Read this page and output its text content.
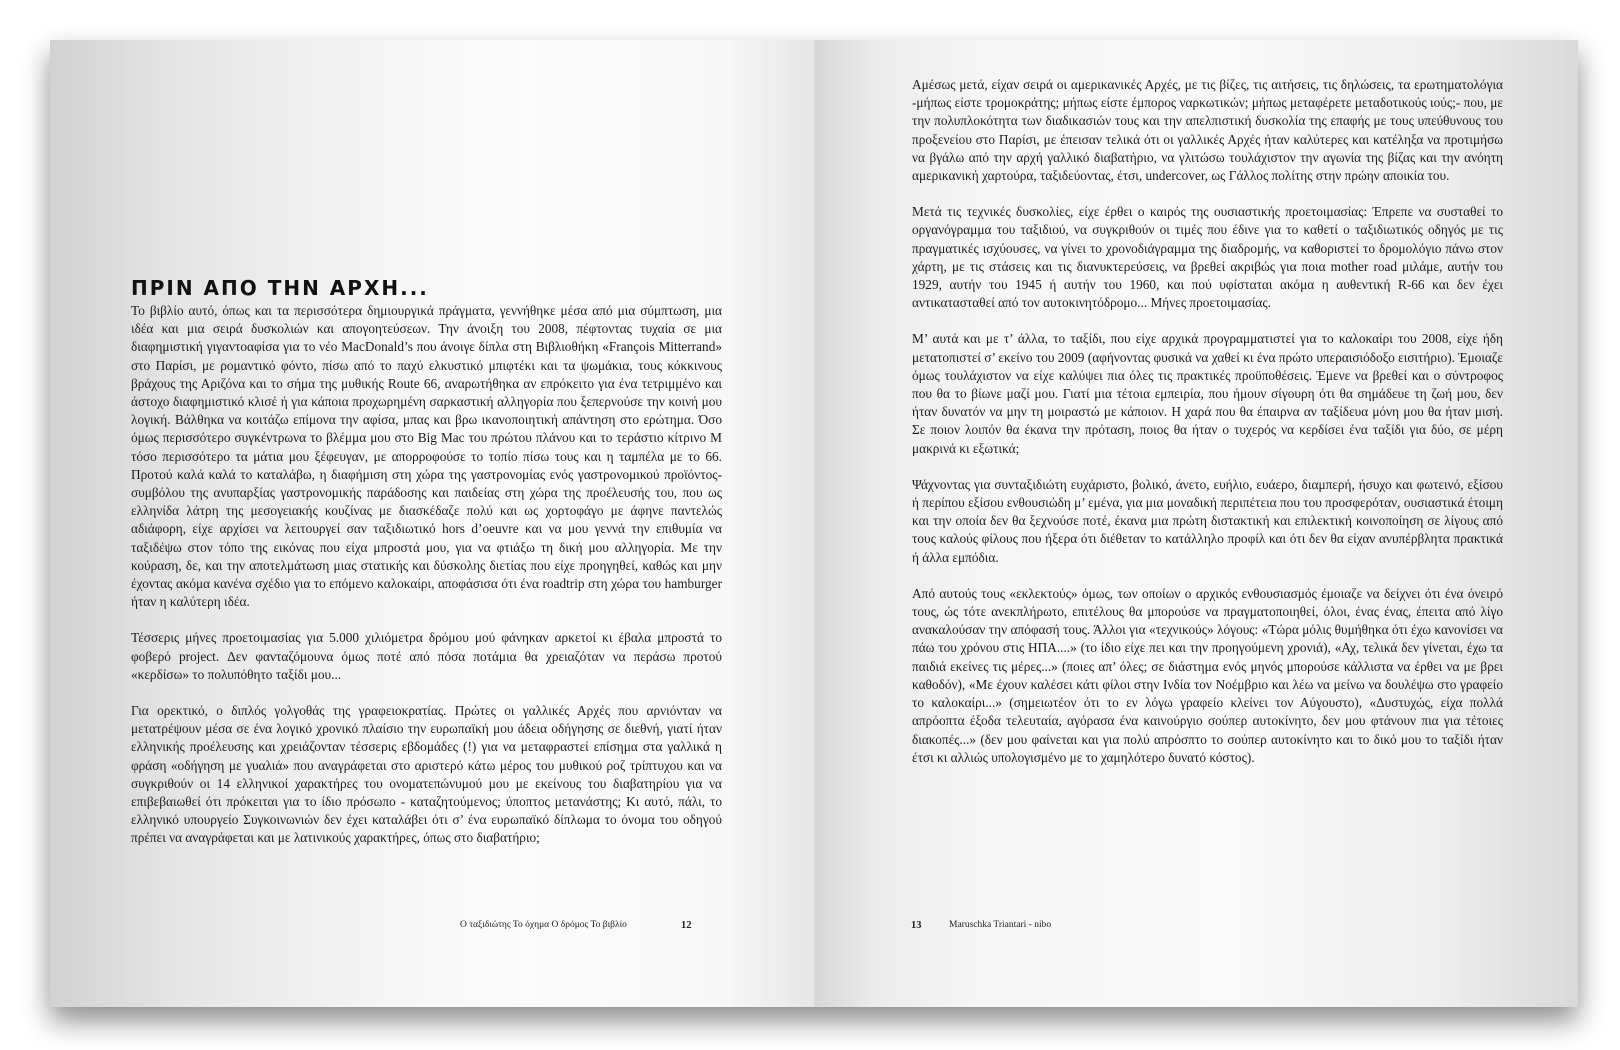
ΠΡΙΝ ΑΠΟ ΤΗΝ ΑΡΧΗ...

Το βιβλίο αυτό, όπως και τα περισσότερα δημιουργικά πράγματα, γεννήθηκε μέσα από μια σύμπτωση, μια ιδέα και μια σειρά δυσκολιών και απογοητεύσεων. Την άνοιξη του 2008, πέφτοντας τυχαία σε μια διαφημιστική γιγαντοαφίσα για το νέο MacDonald’s που άνοιγε δίπλα στη Βιβλιοθήκη «François Mitterrand» στο Παρίσι, με ρομαντικό φόντο, πίσω από το παχύ ελκυστικό μπιφτέκι και τα ψωμάκια, τους κόκκινους βράχους της Αριζόνα και το σήμα της μυθικής Route 66, αναρωτήθηκα αν επρόκειτο για ένα τετριμμένο και άστοχο διαφημιστικό κλισέ ή για κάποια προχωρημένη σαρκαστική αλληγορία που ξεπερνούσε την κοινή μου λογική. Βάλθηκα να κοιτάζω επίμονα την αφίσα, μπας και βρω ικανοποιητική απάντηση στο ερώτημα. Όσο όμως περισσότερο συγκέντρωνα το βλέμμα μου στο Big Mac του πρώτου πλάνου και το τεράστιο κίτρινο Μ τόσο περισσότερο τα μάτια μου ξέφευγαν, με απορροφούσε το τοπίο πίσω τους και η ταμπέλα με το 66. Προτού καλά καλά το καταλάβω, η διαφήμιση στη χώρα της γαστρονομίας ενός γαστρονομικού προϊόντος-συμβόλου της ανυπαρξίας γαστρονομικής παράδοσης και παιδείας στη χώρα της προέλευσής του, που ως ελληνίδα λάτρη της μεσογειακής κουζίνας με διασκέδαζε πολύ και ως χορτοφάγο με άφηνε παντελώς αδιάφορη, είχε αρχίσει να λειτουργεί σαν ταξιδιωτικό hors d’oeuvre και να μου γεννά την επιθυμία να ταξιδέψω στον τόπο της εικόνας που είχα μπροστά μου, για να φτιάξω τη δική μου αλληγορία. Με την κούραση, δε, και την αποτελμάτωση μιας στατικής και δύσκολης διετίας που είχε προηγηθεί, καθώς και μην έχοντας ακόμα κανένα σχέδιο για το επόμενο καλοκαίρι, αποφάσισα ότι ένα roadtrip στη χώρα του hamburger ήταν η καλύτερη ιδέα.

Τέσσερις μήνες προετοιμασίας για 5.000 χιλιόμετρα δρόμου μού φάνηκαν αρκετοί κι έβαλα μπροστά το φοβερό project. Δεν φανταζόμουνα όμως ποτέ από πόσα ποτάμια θα χρειαζόταν να περάσω προτού «κερδίσω» το πολυπόθητο ταξίδι μου...

Για ορεκτικό, ο διπλός γολγοθάς της γραφειοκρατίας. Πρώτες οι γαλλικές Αρχές που αρνιόνταν να μετατρέψουν μέσα σε ένα λογικό χρονικό πλαίσιο την ευρωπαϊκή μου άδεια οδήγησης σε διεθνή, γιατί ήταν ελληνικής προέλευσης και χρειάζονταν τέσσερις εβδομάδες (!) για να μεταφραστεί επίσημα στα γαλλικά η φράση «οδήγηση με γυαλιά» που αναγράφεται στο αριστερό κάτω μέρος του μυθικού ροζ τρίπτυχου και να συγκριθούν οι 14 ελληνικοί χαρακτήρες του ονοματεπώνυμού μου με εκείνους του διαβατηρίου για να επιβεβαιωθεί ότι πρόκειται για το ίδιο πρόσωπο - καταζητούμενος; ύποπτος μετανάστης; Κι αυτό, πάλι, το ελληνικό υπουργείο Συγκοινωνιών δεν έχει καταλάβει ότι σ’ ένα ευρωπαϊκό δίπλωμα το όνομα του οδηγού πρέπει να αναγράφεται και με λατινικούς χαρακτήρες, όπως στο διαβατήριο;

Ο ταξιδιώτης Το όχημα Ο δρόμος Το βιβλίο	12

Αμέσως μετά, είχαν σειρά οι αμερικανικές Αρχές, με τις βίζες, τις αιτήσεις, τις δηλώσεις, τα ερωτηματολόγια -μήπως είστε τρομοκράτης; μήπως είστε έμπορος ναρκωτικών; μήπως μεταφέρετε μεταδοτικούς ιούς;- που, με την πολυπλοκότητα των διαδικασιών τους και την απελπιστική δυσκολία της επαφής με τους υπεύθυνους του προξενείου στο Παρίσι, με έπεισαν τελικά ότι οι γαλλικές Αρχές ήταν καλύτερες και κατέληξα να προτιμήσω να βγάλω από την αρχή γαλλικό διαβατήριο, να γλιτώσω τουλάχιστον την αγωνία της βίζας και την ανόητη αμερικανική χαρτούρα, ταξιδεύοντας, έτσι, undercover, ως Γάλλος πολίτης στην πρώην αποικία του.

Μετά τις τεχνικές δυσκολίες, είχε έρθει ο καιρός της ουσιαστικής προετοιμασίας: Έπρεπε να συσταθεί το οργανόγραμμα του ταξιδιού, να συγκριθούν οι τιμές που έδινε για το καθετί ο ταξιδιωτικός οδηγός με τις πραγματικές ισχύουσες, να γίνει το χρονοδιάγραμμα της διαδρομής, να καθοριστεί το δρομολόγιο πάνω στον χάρτη, με τις στάσεις και τις διανυκτερεύσεις, να βρεθεί ακριβώς για ποια mother road μιλάμε, αυτήν του 1929, αυτήν του 1945 ή αυτήν του 1960, και πού υφίσταται ακόμα η αυθεντική R-66 και δεν έχει αντικατασταθεί από τον αυτοκινητόδρομο... Μήνες προετοιμασίας.

Μ’ αυτά και με τ’ άλλα, το ταξίδι, που είχε αρχικά προγραμματιστεί για το καλοκαίρι του 2008, είχε ήδη μετατοπιστεί σ’ εκείνο του 2009 (αφήνοντας φυσικά να χαθεί κι ένα πρώτο υπεραισιόδοξο εισιτήριο). Έμοιαζε όμως τουλάχιστον να είχε καλύψει πια όλες τις πρακτικές προϋποθέσεις. Έμενε να βρεθεί και ο σύντροφος που θα το βίωνε μαζί μου. Γιατί μια τέτοια εμπειρία, που ήμουν σίγουρη ότι θα σημάδευε τη ζωή μου, δεν ήταν δυνατόν να μην τη μοιραστώ με κάποιον. Η χαρά που θα έπαιρνα αν ταξίδευα μόνη μου θα ήταν μισή. Σε ποιον λοιπόν θα έκανα την πρόταση, ποιος θα ήταν ο τυχερός να κερδίσει ένα ταξίδι για δύο, σε μέρη μακρινά κι εξωτικά;

Ψάχνοντας για συνταξιδιώτη ευχάριστο, βολικό, άνετο, ευήλιο, ευάερο, διαμπερή, ήσυχο και φωτεινό, εξίσου ή περίπου εξίσου ενθουσιώδη μ’ εμένα, για μια μοναδική περιπέτεια που του προσφερόταν, ουσιαστικά έτοιμη και την οποία δεν θα ξεχνούσε ποτέ, έκανα μια πρώτη διστακτική και επιλεκτική κοινοποίηση σε λίγους από τους καλούς φίλους που ήξερα ότι διέθεταν το κατάλληλο προφίλ και ότι δεν θα είχαν ανυπέρβλητα πρακτικά ή άλλα εμπόδια.

Από αυτούς τους «εκλεκτούς» όμως, των οποίων ο αρχικός ενθουσιασμός έμοιαζε να δείχνει ότι ένα όνειρό τους, ώς τότε ανεκπλήρωτο, επιτέλους θα μπορούσε να πραγματοποιηθεί, όλοι, ένας ένας, έπειτα από λίγο ανακαλούσαν την απόφασή τους. Άλλοι για «τεχνικούς» λόγους: «Τώρα μόλις θυμήθηκα ότι έχω κανονίσει να πάω του χρόνου στις ΗΠΑ....» (το ίδιο είχε πει και την προηγούμενη χρονιά), «Αχ, τελικά δεν γίνεται, έχω τα παιδιά εκείνες τις μέρες...» (ποιες απ’ όλες; σε διάστημα ενός μηνός μπορούσε κάλλιστα να έρθει να με βρει καθοδόν), «Με έχουν καλέσει κάτι φίλοι στην Ινδία τον Νοέμβριο και λέω να μείνω να δουλέψω στο γραφείο το καλοκαίρι...» (σημειωτέον ότι το εν λόγω γραφείο κλείνει τον Αύγουστο), «Δυστυχώς, είχα πολλά απρόοπτα έξοδα τελευταία, αγόρασα ένα καινούργιο σούπερ αυτοκίνητο, δεν μου φτάνουν πια για τέτοιες διακοπές...» (δεν μου φαίνεται και για πολύ απρόσπτο το σούπερ αυτοκίνητο και το δικό μου το ταξίδι ήταν έτσι κι αλλιώς υπολογισμένο με το χαμηλότερο δυνατό κόστος).

13	Maruschka Triantari - nibo
